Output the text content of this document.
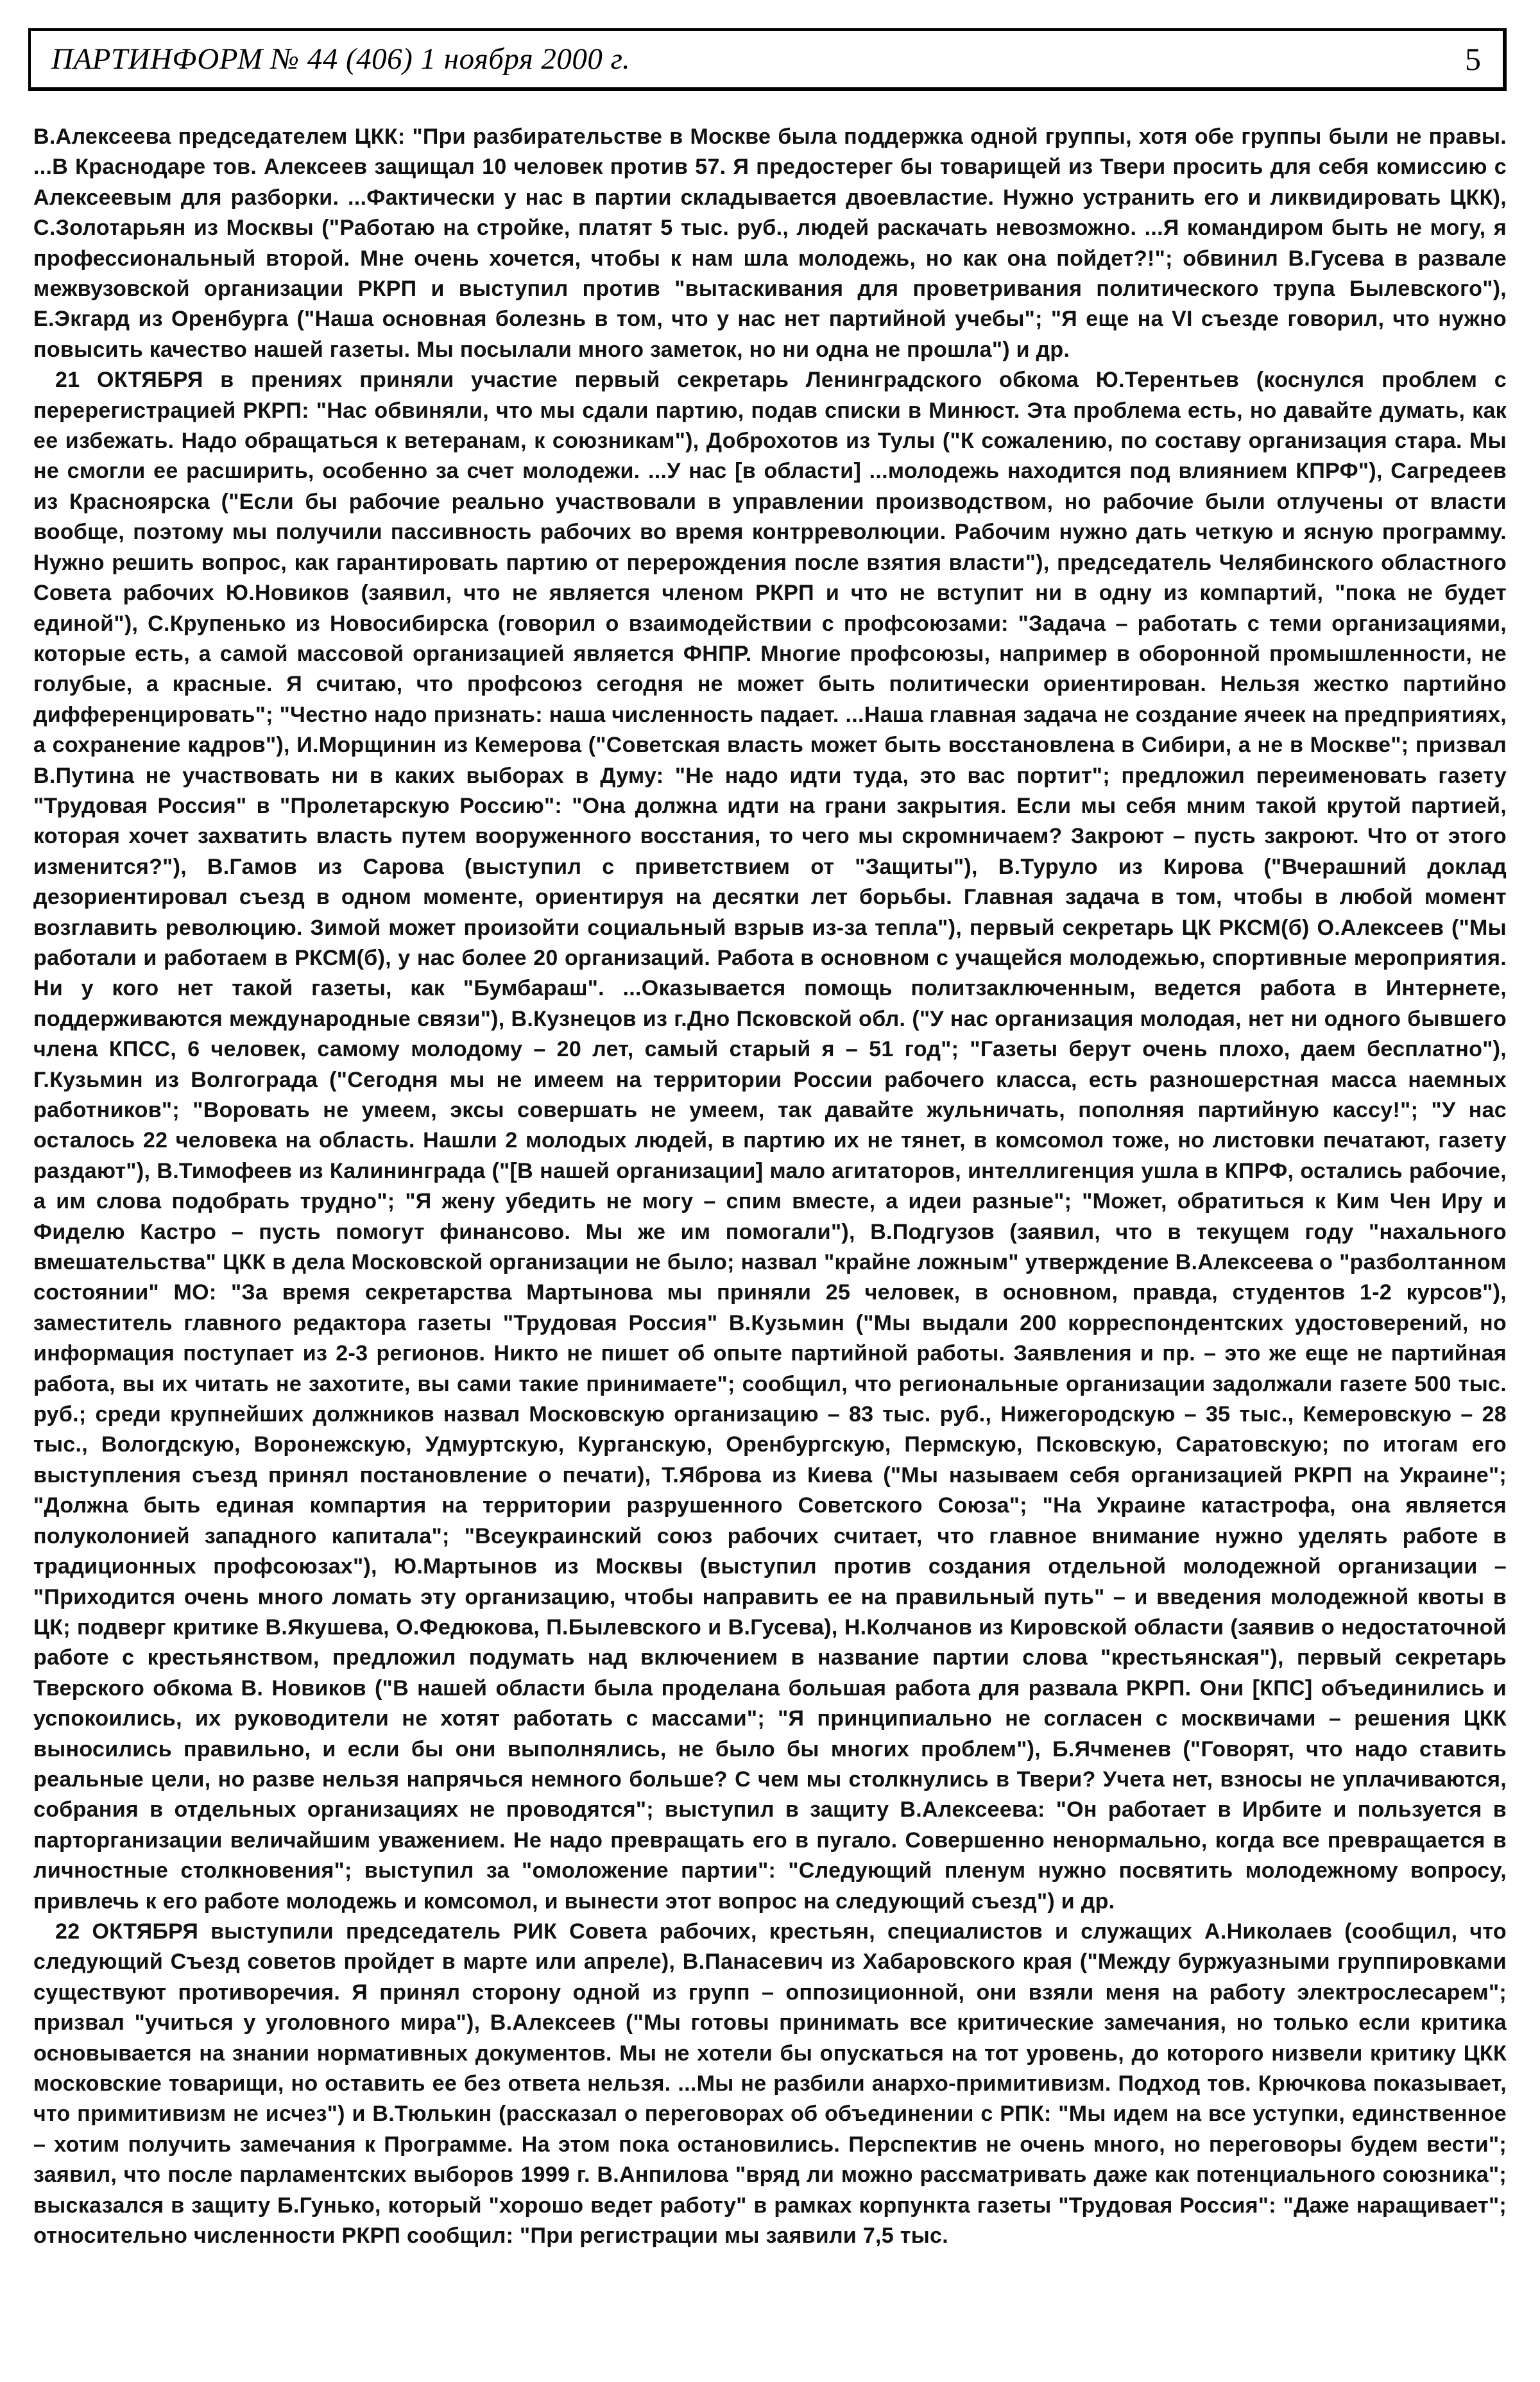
ПАРТИНФОРМ № 44 (406) 1 ноября 2000 г.	5

В.Алексеева председателем ЦКК: "При разбирательстве в Москве была поддержка одной группы, хотя обе группы были не правы. ...В Краснодаре тов. Алексеев защищал 10 человек против 57. Я предостерег бы товарищей из Твери просить для себя комиссию с Алексеевым для разборки. ...Фактически у нас в партии складывается двоевластие. Нужно устранить его и ликвидировать ЦКК), С.Золотарьян из Москвы ("Работаю на стройке, платят 5 тыс. руб., людей раскачать невозможно. ...Я командиром быть не могу, я профессиональный второй. Мне очень хочется, чтобы к нам шла молодежь, но как она пойдет?!"; обвинил В.Гусева в развале межвузовской организации РКРП и выступил против "вытаскивания для проветривания политического трупа Былевского"), Е.Экгард из Оренбурга ("Наша основная болезнь в том, что у нас нет партийной учебы"; "Я еще на VI съезде говорил, что нужно повысить качество нашей газеты. Мы посылали много заметок, но ни одна не прошла") и др.

21 ОКТЯБРЯ в прениях приняли участие первый секретарь Ленинградского обкома Ю.Терентьев (коснулся проблем с перерегистрацией РКРП: "Нас обвиняли, что мы сдали партию, подав списки в Минюст. Эта проблема есть, но давайте думать, как ее избежать. Надо обращаться к ветеранам, к союзникам"), Доброхотов из Тулы ("К сожалению, по составу организация стара. Мы не смогли ее расширить, особенно за счет молодежи. ...У нас [в области] ...молодежь находится под влиянием КПРФ"), Сагредеев из Красноярска ("Если бы рабочие реально участвовали в управлении производством, но рабочие были отлучены от власти вообще, поэтому мы получили пассивность рабочих во время контрреволюции. Рабочим нужно дать четкую и ясную программу. Нужно решить вопрос, как гарантировать партию от перерождения после взятия власти"), председатель Челябинского областного Совета рабочих Ю.Новиков (заявил, что не является членом РКРП и что не вступит ни в одну из компартий, "пока не будет единой"), С.Крупенько из Новосибирска (говорил о взаимодействии с профсоюзами: "Задача – работать с теми организациями, которые есть, а самой массовой организацией является ФНПР. Многие профсоюзы, например в оборонной промышленности, не голубые, а красные. Я считаю, что профсоюз сегодня не может быть политически ориентирован. Нельзя жестко партийно дифференцировать"; "Честно надо признать: наша численность падает. ...Наша главная задача не создание ячеек на предприятиях, а сохранение кадров"), И.Морщинин из Кемерова ("Советская власть может быть восстановлена в Сибири, а не в Москве"; призвал В.Путина не участвовать ни в каких выборах в Думу: "Не надо идти туда, это вас портит"; предложил переименовать газету "Трудовая Россия" в "Пролетарскую Россию": "Она должна идти на грани закрытия. Если мы себя мним такой крутой партией, которая хочет захватить власть путем вооруженного восстания, то чего мы скромничаем? Закроют – пусть закроют. Что от этого изменится?"), В.Гамов из Сарова (выступил с приветствием от "Защиты"), В.Туруло из Кирова ("Вчерашний доклад дезориентировал съезд в одном моменте, ориентируя на десятки лет борьбы. Главная задача в том, чтобы в любой момент возглавить революцию. Зимой может произойти социальный взрыв из-за тепла"), первый секретарь ЦК РКСМ(б) О.Алексеев ("Мы работали и работаем в РКСМ(б), у нас более 20 организаций. Работа в основном с учащейся молодежью, спортивные мероприятия. Ни у кого нет такой газеты, как "Бумбараш". ...Оказывается помощь политзаключенным, ведется работа в Интернете, поддерживаются международные связи"), В.Кузнецов из г.Дно Псковской обл. ("У нас организация молодая, нет ни одного бывшего члена КПСС, 6 человек, самому молодому – 20 лет, самый старый я – 51 год"; "Газеты берут очень плохо, даем бесплатно"), Г.Кузьмин из Волгограда ("Сегодня мы не имеем на территории России рабочего класса, есть разношерстная масса наемных работников"; "Воровать не умеем, эксы совершать не умеем, так давайте жульничать, пополняя партийную кассу!"; "У нас осталось 22 человека на область. Нашли 2 молодых людей, в партию их не тянет, в комсомол тоже, но листовки печатают, газету раздают"), В.Тимофеев из Калининграда ("[В нашей организации] мало агитаторов, интеллигенция ушла в КПРФ, остались рабочие, а им слова подобрать трудно"; "Я жену убедить не могу – спим вместе, а идеи разные"; "Может, обратиться к Ким Чен Иру и Фиделю Кастро – пусть помогут финансово. Мы же им помогали"), В.Подгузов (заявил, что в текущем году "нахального вмешательства" ЦКК в дела Московской организации не было; назвал "крайне ложным" утверждение В.Алексеева о "разболтанном состоянии" МО: "За время секретарства Мартынова мы приняли 25 человек, в основном, правда, студентов 1-2 курсов"), заместитель главного редактора газеты "Трудовая Россия" В.Кузьмин ("Мы выдали 200 корреспондентских удостоверений, но информация поступает из 2-3 регионов. Никто не пишет об опыте партийной работы. Заявления и пр. – это же еще не партийная работа, вы их читать не захотите, вы сами такие принимаете"; сообщил, что региональные организации задолжали газете 500 тыс. руб.; среди крупнейших должников назвал Московскую организацию – 83 тыс. руб., Нижегородскую – 35 тыс., Кемеровскую – 28 тыс., Вологдскую, Воронежскую, Удмуртскую, Курганскую, Оренбургскую, Пермскую, Псковскую, Саратовскую; по итогам его выступления съезд принял постановление о печати), Т.Яброва из Киева ("Мы называем себя организацией РКРП на Украине"; "Должна быть единая компартия на территории разрушенного Советского Союза"; "На Украине катастрофа, она является полуколонией западного капитала"; "Всеукраинский союз рабочих считает, что главное внимание нужно уделять работе в традиционных профсоюзах"), Ю.Мартынов из Москвы (выступил против создания отдельной молодежной организации – "Приходится очень много ломать эту организацию, чтобы направить ее на правильный путь" – и введения молодежной квоты в ЦК; подверг критике В.Якушева, О.Федюкова, П.Былевского и В.Гусева), Н.Колчанов из Кировской области (заявив о недостаточной работе с крестьянством, предложил подумать над включением в название партии слова "крестьянская"), первый секретарь Тверского обкома В. Новиков ("В нашей области была проделана большая работа для развала РКРП. Они [КПС] объединились и успокоились, их руководители не хотят работать с массами"; "Я принципиально не согласен с москвичами – решения ЦКК выносились правильно, и если бы они выполнялись, не было бы многих проблем"), Б.Ячменев ("Говорят, что надо ставить реальные цели, но разве нельзя напрячься немного больше? С чем мы столкнулись в Твери? Учета нет, взносы не уплачиваются, собрания в отдельных организациях не проводятся"; выступил в защиту В.Алексеева: "Он работает в Ирбите и пользуется в парторганизации величайшим уважением. Не надо превращать его в пугало. Совершенно ненормально, когда все превращается в личностные столкновения"; выступил за "омоложение партии": "Следующий пленум нужно посвятить молодежному вопросу, привлечь к его работе молодежь и комсомол, и вынести этот вопрос на следующий съезд") и др.

22 ОКТЯБРЯ выступили председатель РИК Совета рабочих, крестьян, специалистов и служащих А.Николаев (сообщил, что следующий Съезд советов пройдет в марте или апреле), В.Панасевич из Хабаровского края ("Между буржуазными группировками существуют противоречия. Я принял сторону одной из групп – оппозиционной, они взяли меня на работу электрослесарем"; призвал "учиться у уголовного мира"), В.Алексеев ("Мы готовы принимать все критические замечания, но только если критика основывается на знании нормативных документов. Мы не хотели бы опускаться на тот уровень, до которого низвели критику ЦКК московские товарищи, но оставить ее без ответа нельзя. ...Мы не разбили анархо-примитивизм. Подход тов. Крючкова показывает, что примитивизм не исчез") и В.Тюлькин (рассказал о переговорах об объединении с РПК: "Мы идем на все уступки, единственное – хотим получить замечания к Программе. На этом пока остановились. Перспектив не очень много, но переговоры будем вести"; заявил, что после парламентских выборов 1999 г. В.Анпилова "вряд ли можно рассматривать даже как потенциального союзника"; высказался в защиту Б.Гунько, который "хорошо ведет работу" в рамках корпункта газеты "Трудовая Россия": "Даже наращивает"; относительно численности РКРП сообщил: "При регистрации мы заявили 7,5 тыс.
